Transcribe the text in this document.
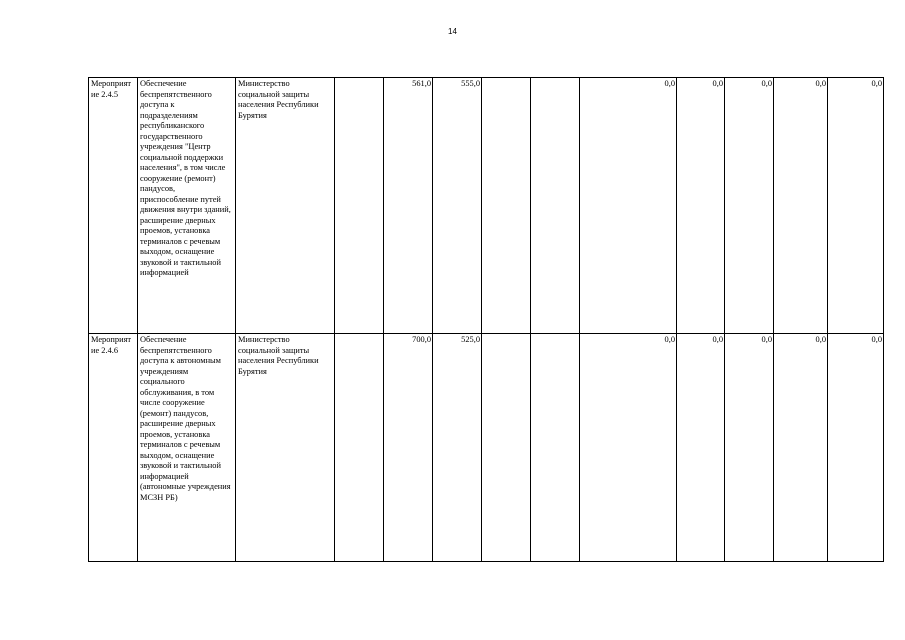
14
Мероприятие 2.4.5	Обеспечение беспрепятственного доступа к подразделениям республиканского государственного учреждения "Центр социальной поддержки населения", в том числе сооружение (ремонт) пандусов, приспособление путей движения внутри зданий, расширение дверных проемов, установка терминалов с речевым выходом, оснащение звуковой и тактильной информацией	Министерство социальной защиты населения Республики Бурятия		561,0	555,0			0,0	0,0	0,0	0,0	0,0
Мероприятие 2.4.6	Обеспечение беспрепятственного доступа к автономным учреждениям социального обслуживания, в том числе сооружение (ремонт) пандусов, расширение дверных проемов, установка терминалов с речевым выходом, оснащение звуковой и тактильной информацией (автономные учреждения МСЗН РБ)	Министерство социальной защиты населения Республики Бурятия		700,0	525,0			0,0	0,0	0,0	0,0	0,0
